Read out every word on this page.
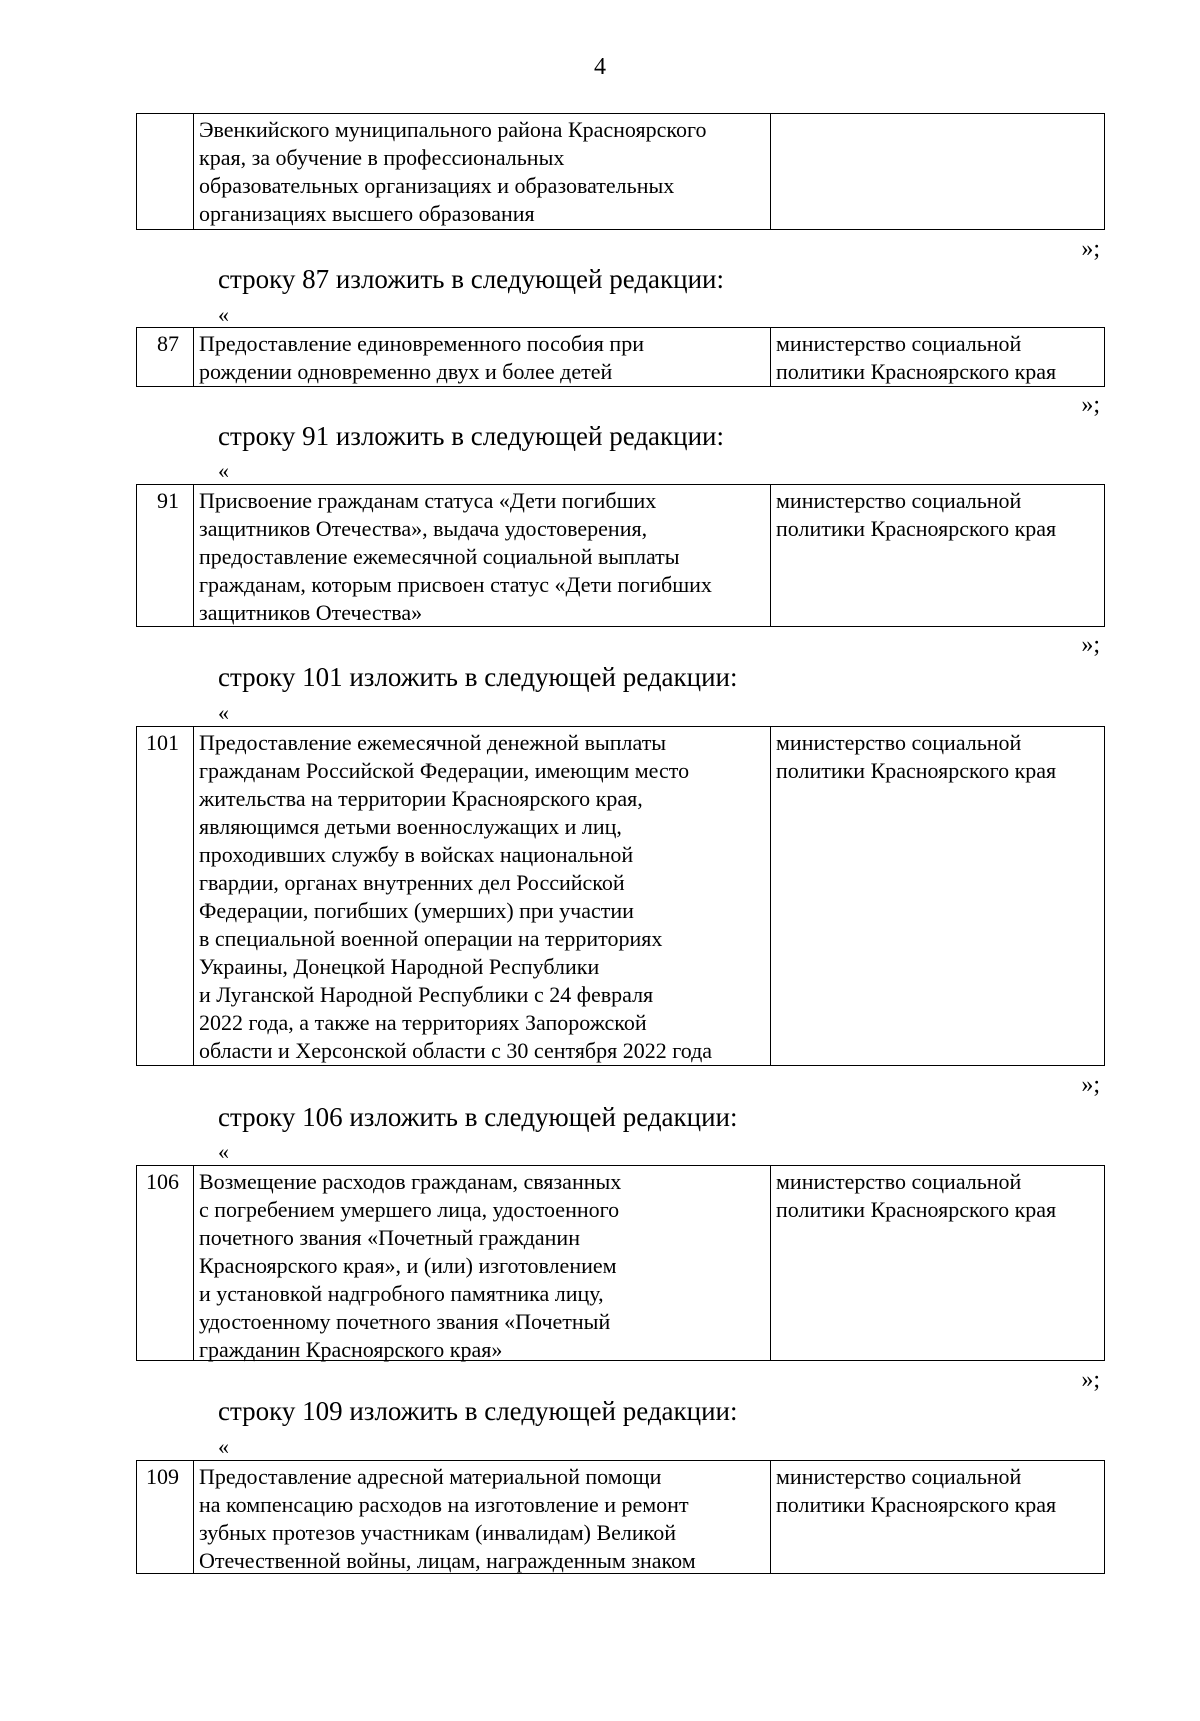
4
Эвенкийского муниципального района Красноярского
края, за обучение в профессиональных
образовательных организациях и образовательных
организациях высшего образования
»;
строку 87 изложить в следующей редакции:
«
87 Предоставление единовременного пособия при
рождении одновременно двух и более детей
министерство социальной
политики Красноярского края
»;
строку 91 изложить в следующей редакции:
«
91 Присвоение гражданам статуса «Дети погибших
защитников Отечества», выдача удостоверения,
предоставление ежемесячной социальной выплаты
гражданам, которым присвоен статус «Дети погибших
защитников Отечества»
министерство социальной
политики Красноярского края
»;
строку 101 изложить в следующей редакции:
«
101 Предоставление ежемесячной денежной выплаты
гражданам Российской Федерации, имеющим место
жительства на территории Красноярского края,
являющимся детьми военнослужащих и лиц,
проходивших службу в войсках национальной
гвардии, органах внутренних дел Российской
Федерации, погибших (умерших) при участии
в специальной военной операции на территориях
Украины, Донецкой Народной Республики
и Луганской Народной Республики с 24 февраля
2022 года, а также на территориях Запорожской
области и Херсонской области с 30 сентября 2022 года
министерство социальной
политики Красноярского края
»;
строку 106 изложить в следующей редакции:
«
106 Возмещение расходов гражданам, связанных
с погребением умершего лица, удостоенного
почетного звания «Почетный гражданин
Красноярского края», и (или) изготовлением
и установкой надгробного памятника лицу,
удостоенному почетного звания «Почетный
гражданин Красноярского края»
министерство социальной
политики Красноярского края
»;
строку 109 изложить в следующей редакции:
«
109 Предоставление адресной материальной помощи
на компенсацию расходов на изготовление и ремонт
зубных протезов участникам (инвалидам) Великой
Отечественной войны, лицам, награжденным знаком
министерство социальной
политики Красноярского края
